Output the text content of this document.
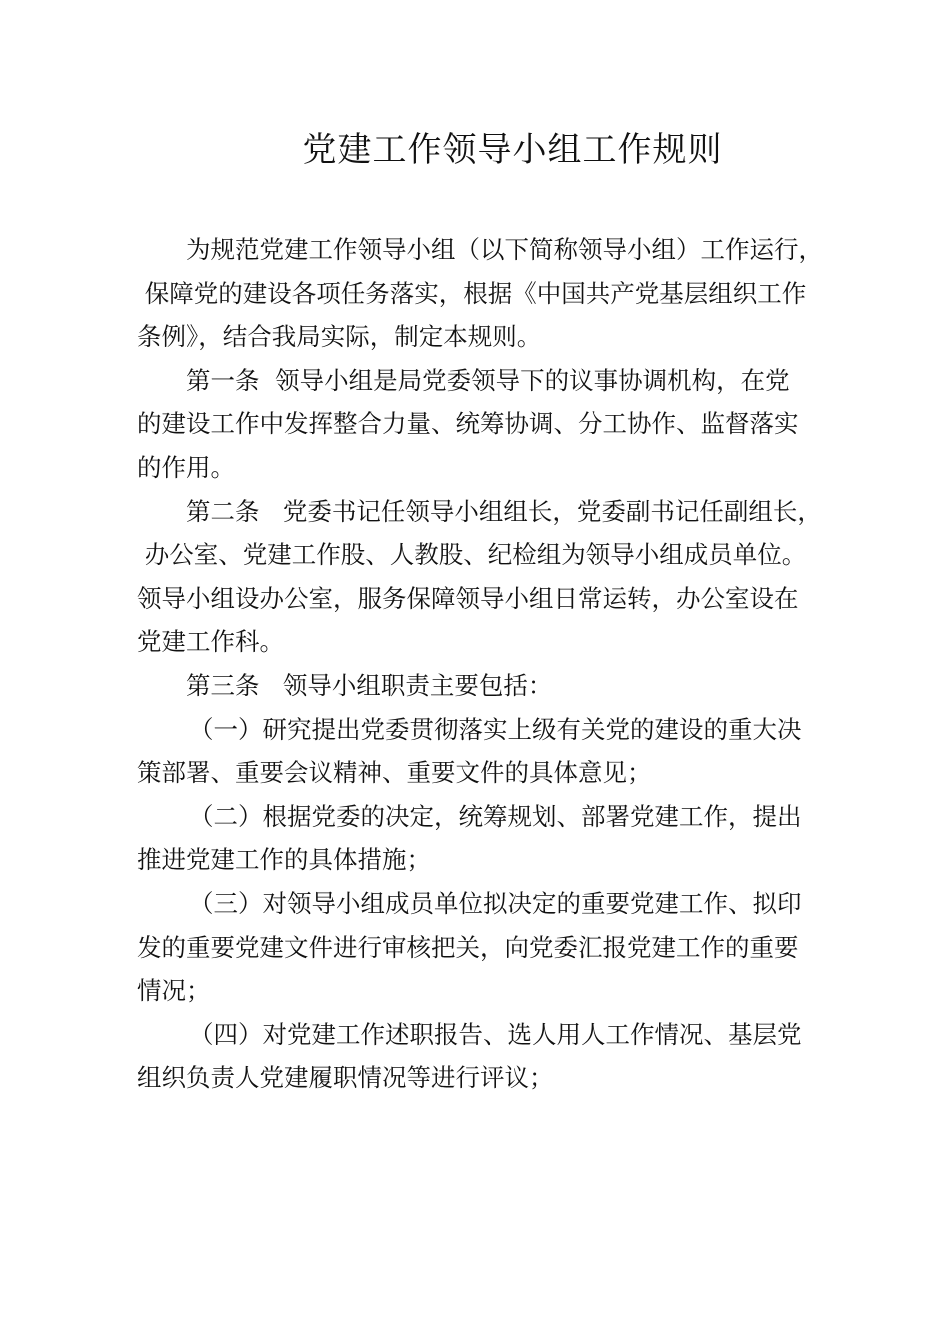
党建工作领导小组工作规则

为规范党建工作领导小组（以下简称领导小组）工作运行，
保障党的建设各项任务落实，根据《中国共产党基层组织工作
条例》，结合我局实际，制定本规则。

第一条  领导小组是局党委领导下的议事协调机构，在党
的建设工作中发挥整合力量、统筹协调、分工协作、监督落实
的作用。

第二条   党委书记任领导小组组长，党委副书记任副组长，
办公室、党建工作股、人教股、纪检组为领导小组成员单位。
领导小组设办公室，服务保障领导小组日常运转，办公室设在
党建工作科。

第三条   领导小组职责主要包括：

（一）研究提出党委贯彻落实上级有关党的建设的重大决
策部署、重要会议精神、重要文件的具体意见；

（二）根据党委的决定，统筹规划、部署党建工作，提出
推进党建工作的具体措施；

（三）对领导小组成员单位拟决定的重要党建工作、拟印
发的重要党建文件进行审核把关，向党委汇报党建工作的重要
情况；

（四）对党建工作述职报告、选人用人工作情况、基层党
组织负责人党建履职情况等进行评议；
